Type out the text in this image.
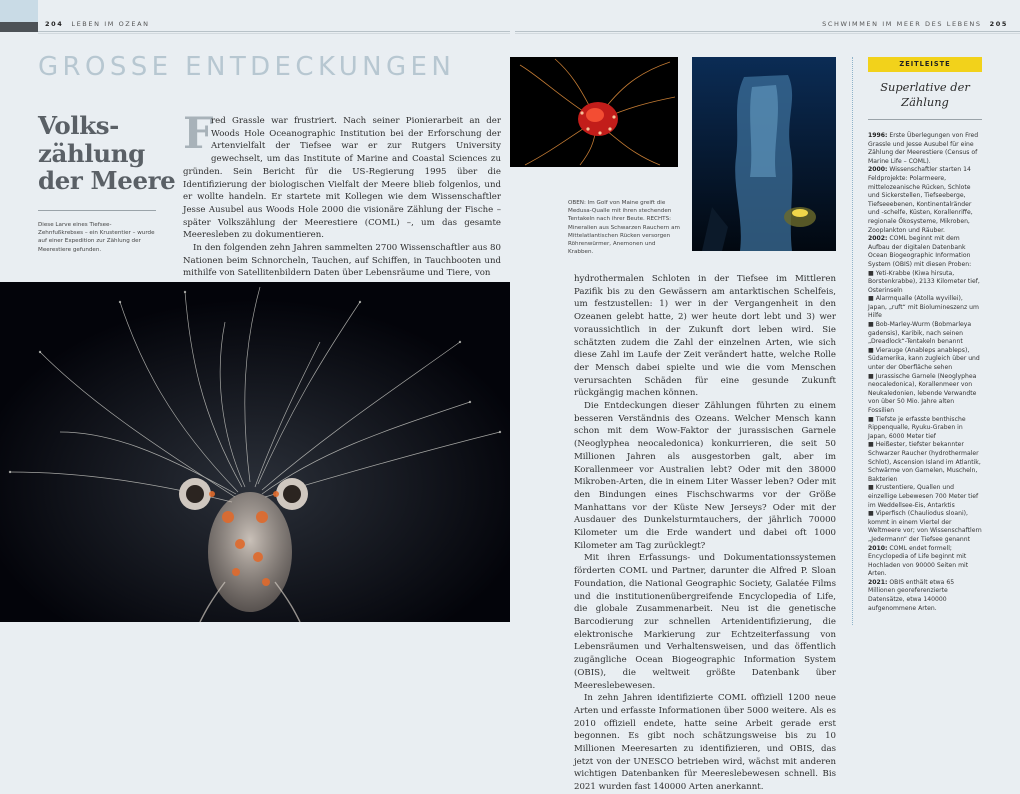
204 LEBEN IM OZEAN	SCHWIMMEN IM MEER DES LEBENS 205
GROSSE ENTDECKUNGEN
Volks-
zählung
der Meere
Diese Larve eines Tiefsee-Zehnfußkrebses – ein Krustentier – wurde auf einer Expedition zur Zählung der Meerestiere gefunden.
F

red Grassle war frustriert. Nach seiner Pionierarbeit an der Woods Hole Oceanographic Institution bei der Erforschung der Artenvielfalt der Tiefsee war er zur Rutgers University gewechselt, um das Institute of Marine and Coastal Sciences zu gründen. Sein Bericht für die US-Regierung 1995 über die Identifizierung der biologischen Vielfalt der Meere blieb folgenlos, und er wollte handeln. Er startete mit Kollegen wie dem Wissenschaftler Jesse Ausubel aus Woods Hole 2000 die visionäre Zählung der Fische – später Volkszählung der Meerestiere (COML) –, um das gesamte Meeresleben zu dokumentieren.

In den folgenden zehn Jahren sammelten 2700 Wissenschaftler aus 80 Nationen beim Schnorcheln, Tauchen, auf Schiffen, in Tauchbooten und mithilfe von Satellitenbildern Daten über Lebensräume und Tiere, von

OBEN: Im Golf von Maine greift die Medusa-Qualle mit ihren stechenden Tentakeln nach ihrer Beute. RECHTS: Mineralien aus Schwarzen Rauchern am Mittelatlantischen Rücken versorgen Röhrenwürmer, Anemonen und Krabben.

hydrothermalen Schloten in der Tiefsee im Mittleren Pazifik bis zu den Gewässern am antarktischen Schelfeis, um festzustellen: 1) wer in der Vergangenheit in den Ozeanen gelebt hatte, 2) wer heute dort lebt und 3) wer voraussichtlich in der Zukunft dort leben wird. Sie schätzten zudem die Zahl der einzelnen Arten, wie sich diese Zahl im Laufe der Zeit verändert hatte, welche Rolle der Mensch dabei spielte und wie die vom Menschen verursachten Schäden für eine gesunde Zukunft rückgängig machen können.

Die Entdeckungen dieser Zählungen führten zu einem besseren Verständnis des Ozeans. Welcher Mensch kann schon mit dem Wow-Faktor der jurassischen Garnele (Neoglyphea neocaledonica) konkurrieren, die seit 50 Millionen Jahren als ausgestorben galt, aber im Korallenmeer vor Australien lebt? Oder mit den 38000 Mikroben-Arten, die in einem Liter Wasser leben? Oder mit den Bindungen eines Fischschwarms vor der Größe Manhattans vor der Küste New Jerseys? Oder mit der Ausdauer des Dunkelsturmtauchers, der jährlich 70000 Kilometer um die Erde wandert und dabei oft 1000 Kilometer am Tag zurücklegt?

Mit ihren Erfassungs- und Dokumentationssystemen förderten COML und Partner, darunter die Alfred P. Sloan Foundation, die National Geographic Society, Galatée Films und die institutionenübergreifende Encyclopedia of Life, die globale Zusammenarbeit. Neu ist die genetische Barcodierung zur schnellen Artenidentifizierung, die elektronische Markierung zur Echtzeiterfassung von Lebensräumen und Verhaltensweisen, und das öffentlich zugängliche Ocean Biogeographic Information System (OBIS), die weltweit größte Datenbank über Meereslebewesen.

In zehn Jahren identifizierte COML offiziell 1200 neue Arten und erfasste Informationen über 5000 weitere. Als es 2010 offiziell endete, hatte seine Arbeit gerade erst begonnen. Es gibt noch schätzungsweise bis zu 10 Millionen Meeresarten zu identifizieren, und OBIS, das jetzt von der UNESCO betrieben wird, wächst mit anderen wichtigen Datenbanken für Meereslebewesen schnell. Bis 2021 wurden fast 140000 Arten anerkannt.

ZEITLEISTE
Superlative der Zählung

1996: Erste Überlegungen von Fred Grassle und Jesse Ausubel für eine Zählung der Meerestiere (Census of Marine Life – COML).

2000: Wissenschaftler starten 14 Feldprojekte: Polarmeere, mittelozeanische Rücken, Schlote und Sickerstellen, Tiefseeberge, Tiefseeebenen, Kontinentalränder und -schelfe, Küsten, Korallenriffe, regionale Ökosysteme, Mikroben, Zooplankton und Räuber.

2002: COML beginnt mit dem Aufbau der digitalen Datenbank Ocean Biogeographic Information System (OBIS) mit diesen Proben:

■ Yeti-Krabbe (Kiwa hirsuta, Borstenkrabbe), 2133 Kilometer tief, Osterinseln

■ Alarmqualle (Atolla wyvillei), Japan, „ruft“ mit Biolumineszenz um Hilfe

■ Bob-Marley-Wurm (Bobmarleya gadensis), Karibik, nach seinen „Dreadlock“-Tentakeln benannt

■ Vierauge (Anableps anableps), Südamerika, kann zugleich über und unter der Oberfläche sehen

■ Jurassische Garnele (Neoglyphea neocaledonica), Korallenmeer von Neukaledonien, lebende Verwandte von über 50 Mio. Jahre alten Fossilien

■ Tiefste je erfasste benthische Rippenqualle, Ryuku-Graben in Japan, 6000 Meter tief

■ Heißester, tiefster bekannter Schwarzer Raucher (hydrothermaler Schlot), Ascension Island im Atlantik, Schwärme von Garnelen, Muscheln, Bakterien

■ Krustentiere, Quallen und einzellige Lebewesen 700 Meter tief im Weddellsee-Eis, Antarktis

■ Viperfisch (Chauliodus sloani), kommt in einem Viertel der Weltmeere vor; von Wissenschaftlern „Jedermann“ der Tiefsee genannt

2010: COML endet formell; Encyclopedia of Life beginnt mit Hochladen von 90000 Seiten mit Arten.

2021: OBIS enthält etwa 65 Millionen georeferenzierte Datensätze, etwa 140000 aufgenommene Arten.
